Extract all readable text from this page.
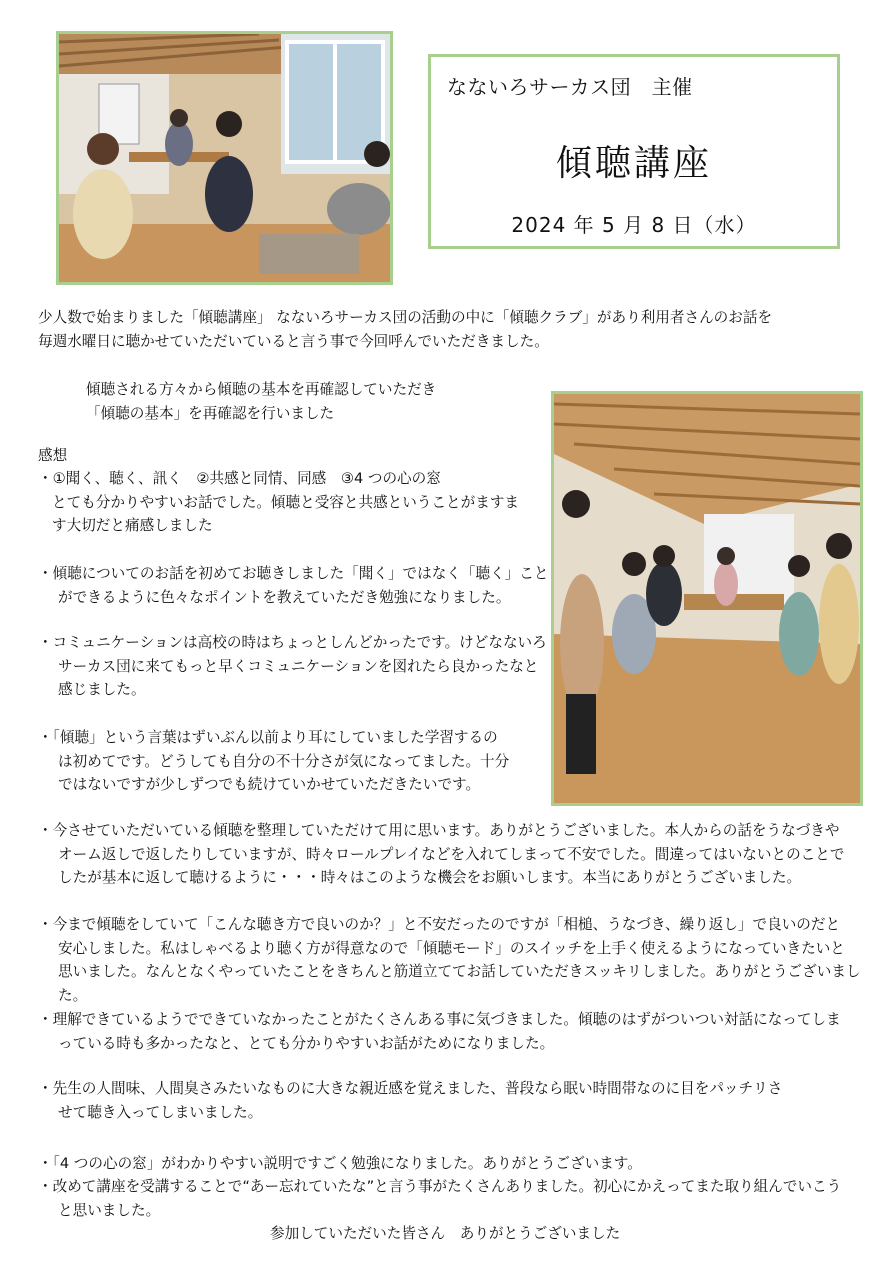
なないろサーカス団　主催
傾聴講座
2024 年 5 月 8 日（水）
少人数で始まりました「傾聴講座」 なないろサーカス団の活動の中に「傾聴クラブ」があり利用者さんのお話を
毎週水曜日に聴かせていただいていると言う事で今回呼んでいただきました。
傾聴される方々から傾聴の基本を再確認していただき
「傾聴の基本」を再確認を行いました
感想
・①聞く、聴く、訊く　②共感と同情、同感　③4 つの心の窓
とても分かりやすいお話でした。傾聴と受容と共感ということがますま
す大切だと痛感しました
・傾聴についてのお話を初めてお聴きしました「聞く」ではなく「聴く」こと
ができるように色々なポイントを教えていただき勉強になりました。
・コミュニケーションは高校の時はちょっとしんどかったです。けどなないろ
サーカス団に来てもっと早くコミュニケーションを図れたら良かったなと
感じました。
・「傾聴」という言葉はずいぶん以前より耳にしていました学習するの
は初めてです。どうしても自分の不十分さが気になってました。十分
ではないですが少しずつでも続けていかせていただきたいです。
・今させていただいている傾聴を整理していただけて用に思います。ありがとうございました。本人からの話をうなづきや
オーム返しで返したりしていますが、時々ロールプレイなどを入れてしまって不安でした。間違ってはいないとのことで
したが基本に返して聴けるように・・・時々はこのような機会をお願いします。本当にありがとうございました。
・今まで傾聴をしていて「こんな聴き方で良いのか？」と不安だったのですが「相槌、うなづき、繰り返し」で良いのだと
安心しました。私はしゃべるより聴く方が得意なので「傾聴モード」のスイッチを上手く使えるようになっていきたいと
思いました。なんとなくやっていたことをきちんと筋道立ててお話していただきスッキリしました。ありがとうございまし
た。
・理解できているようでできていなかったことがたくさんある事に気づきました。傾聴のはずがついつい対話になってしま
っている時も多かったなと、とても分かりやすいお話がためになりました。
・先生の人間味、人間臭さみたいなものに大きな親近感を覚えました、普段なら眠い時間帯なのに目をパッチリさ
せて聴き入ってしまいました。
・「4 つの心の窓」がわかりやすい説明ですごく勉強になりました。ありがとうございます。
・改めて講座を受講することで“あー忘れていたな”と言う事がたくさんありました。初心にかえってまた取り組んでいこう
と思いました。
参加していただいた皆さん　ありがとうございました
